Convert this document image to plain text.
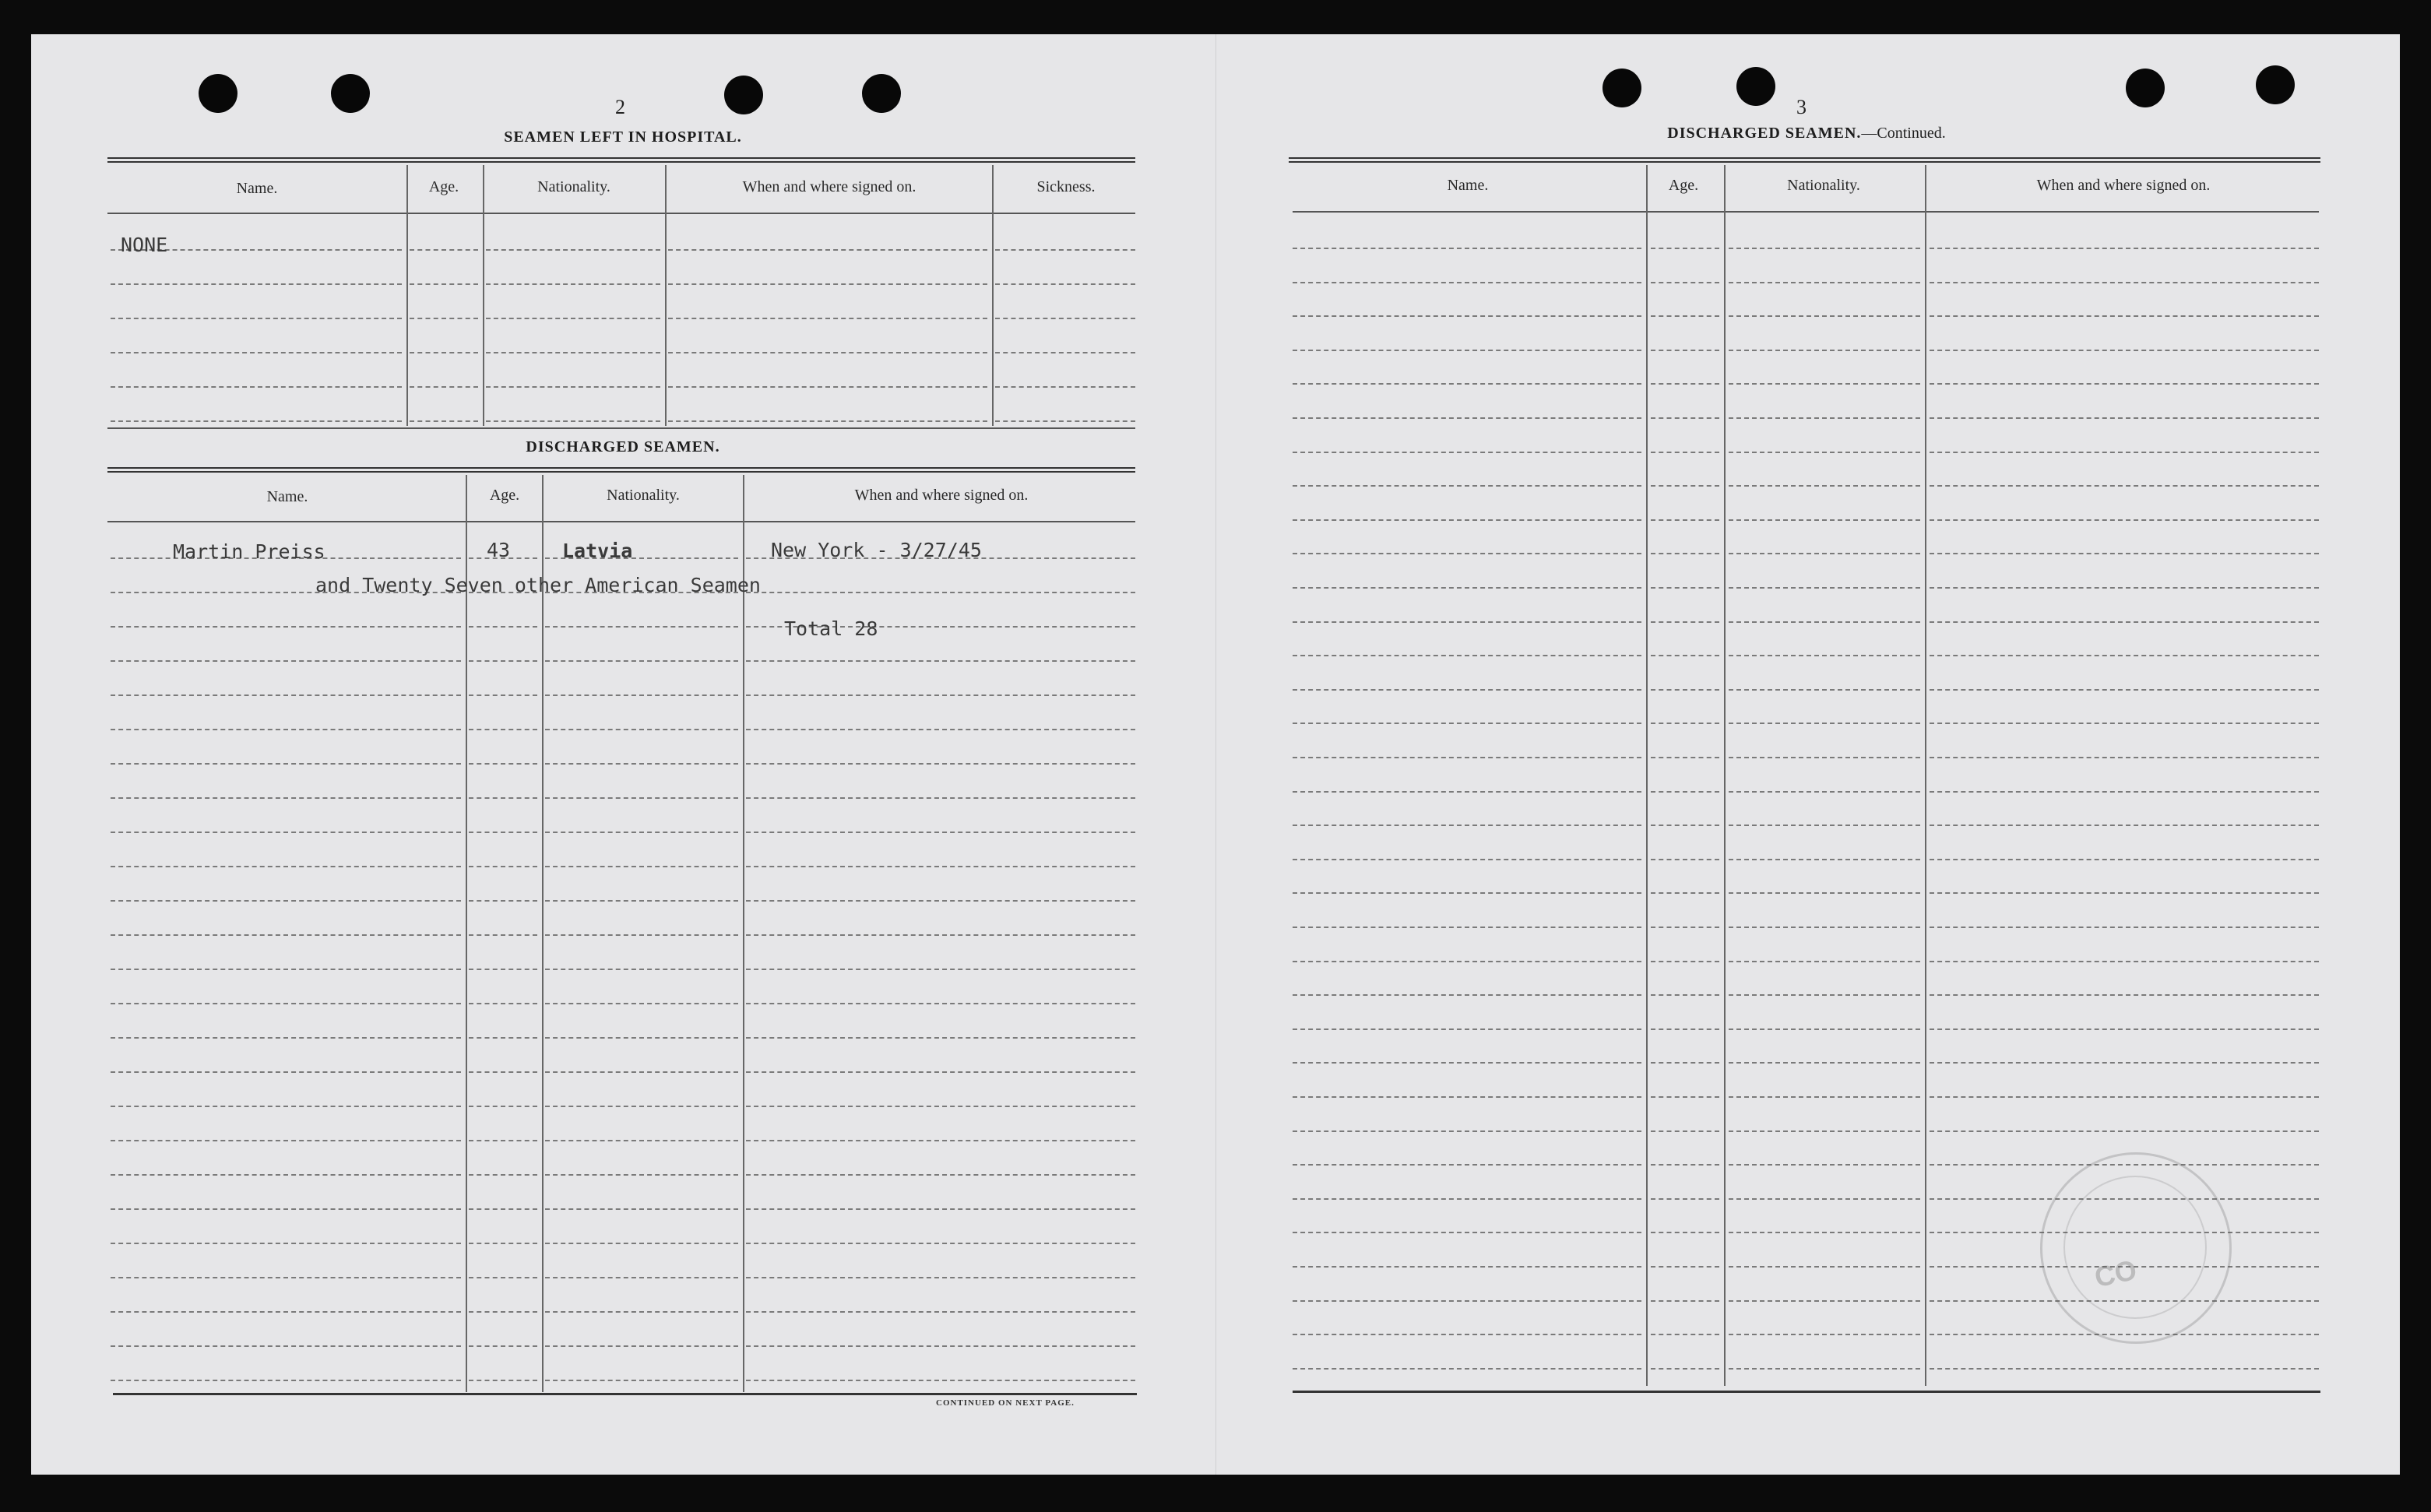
2
SEAMEN LEFT IN HOSPITAL.
Name.	Age.	Nationality.	When and where signed on.	Sickness.
NONE
DISCHARGED SEAMEN.
Name.	Age.	Nationality.	When and where signed on.
Martin Preiss	43	Latvia	New York - 3/27/45
and Twenty Seven other American Seamen
Total 28
CONTINUED ON NEXT PAGE.
3
DISCHARGED SEAMEN.—Continued.
Name.	Age.	Nationality.	When and where signed on.
CO
